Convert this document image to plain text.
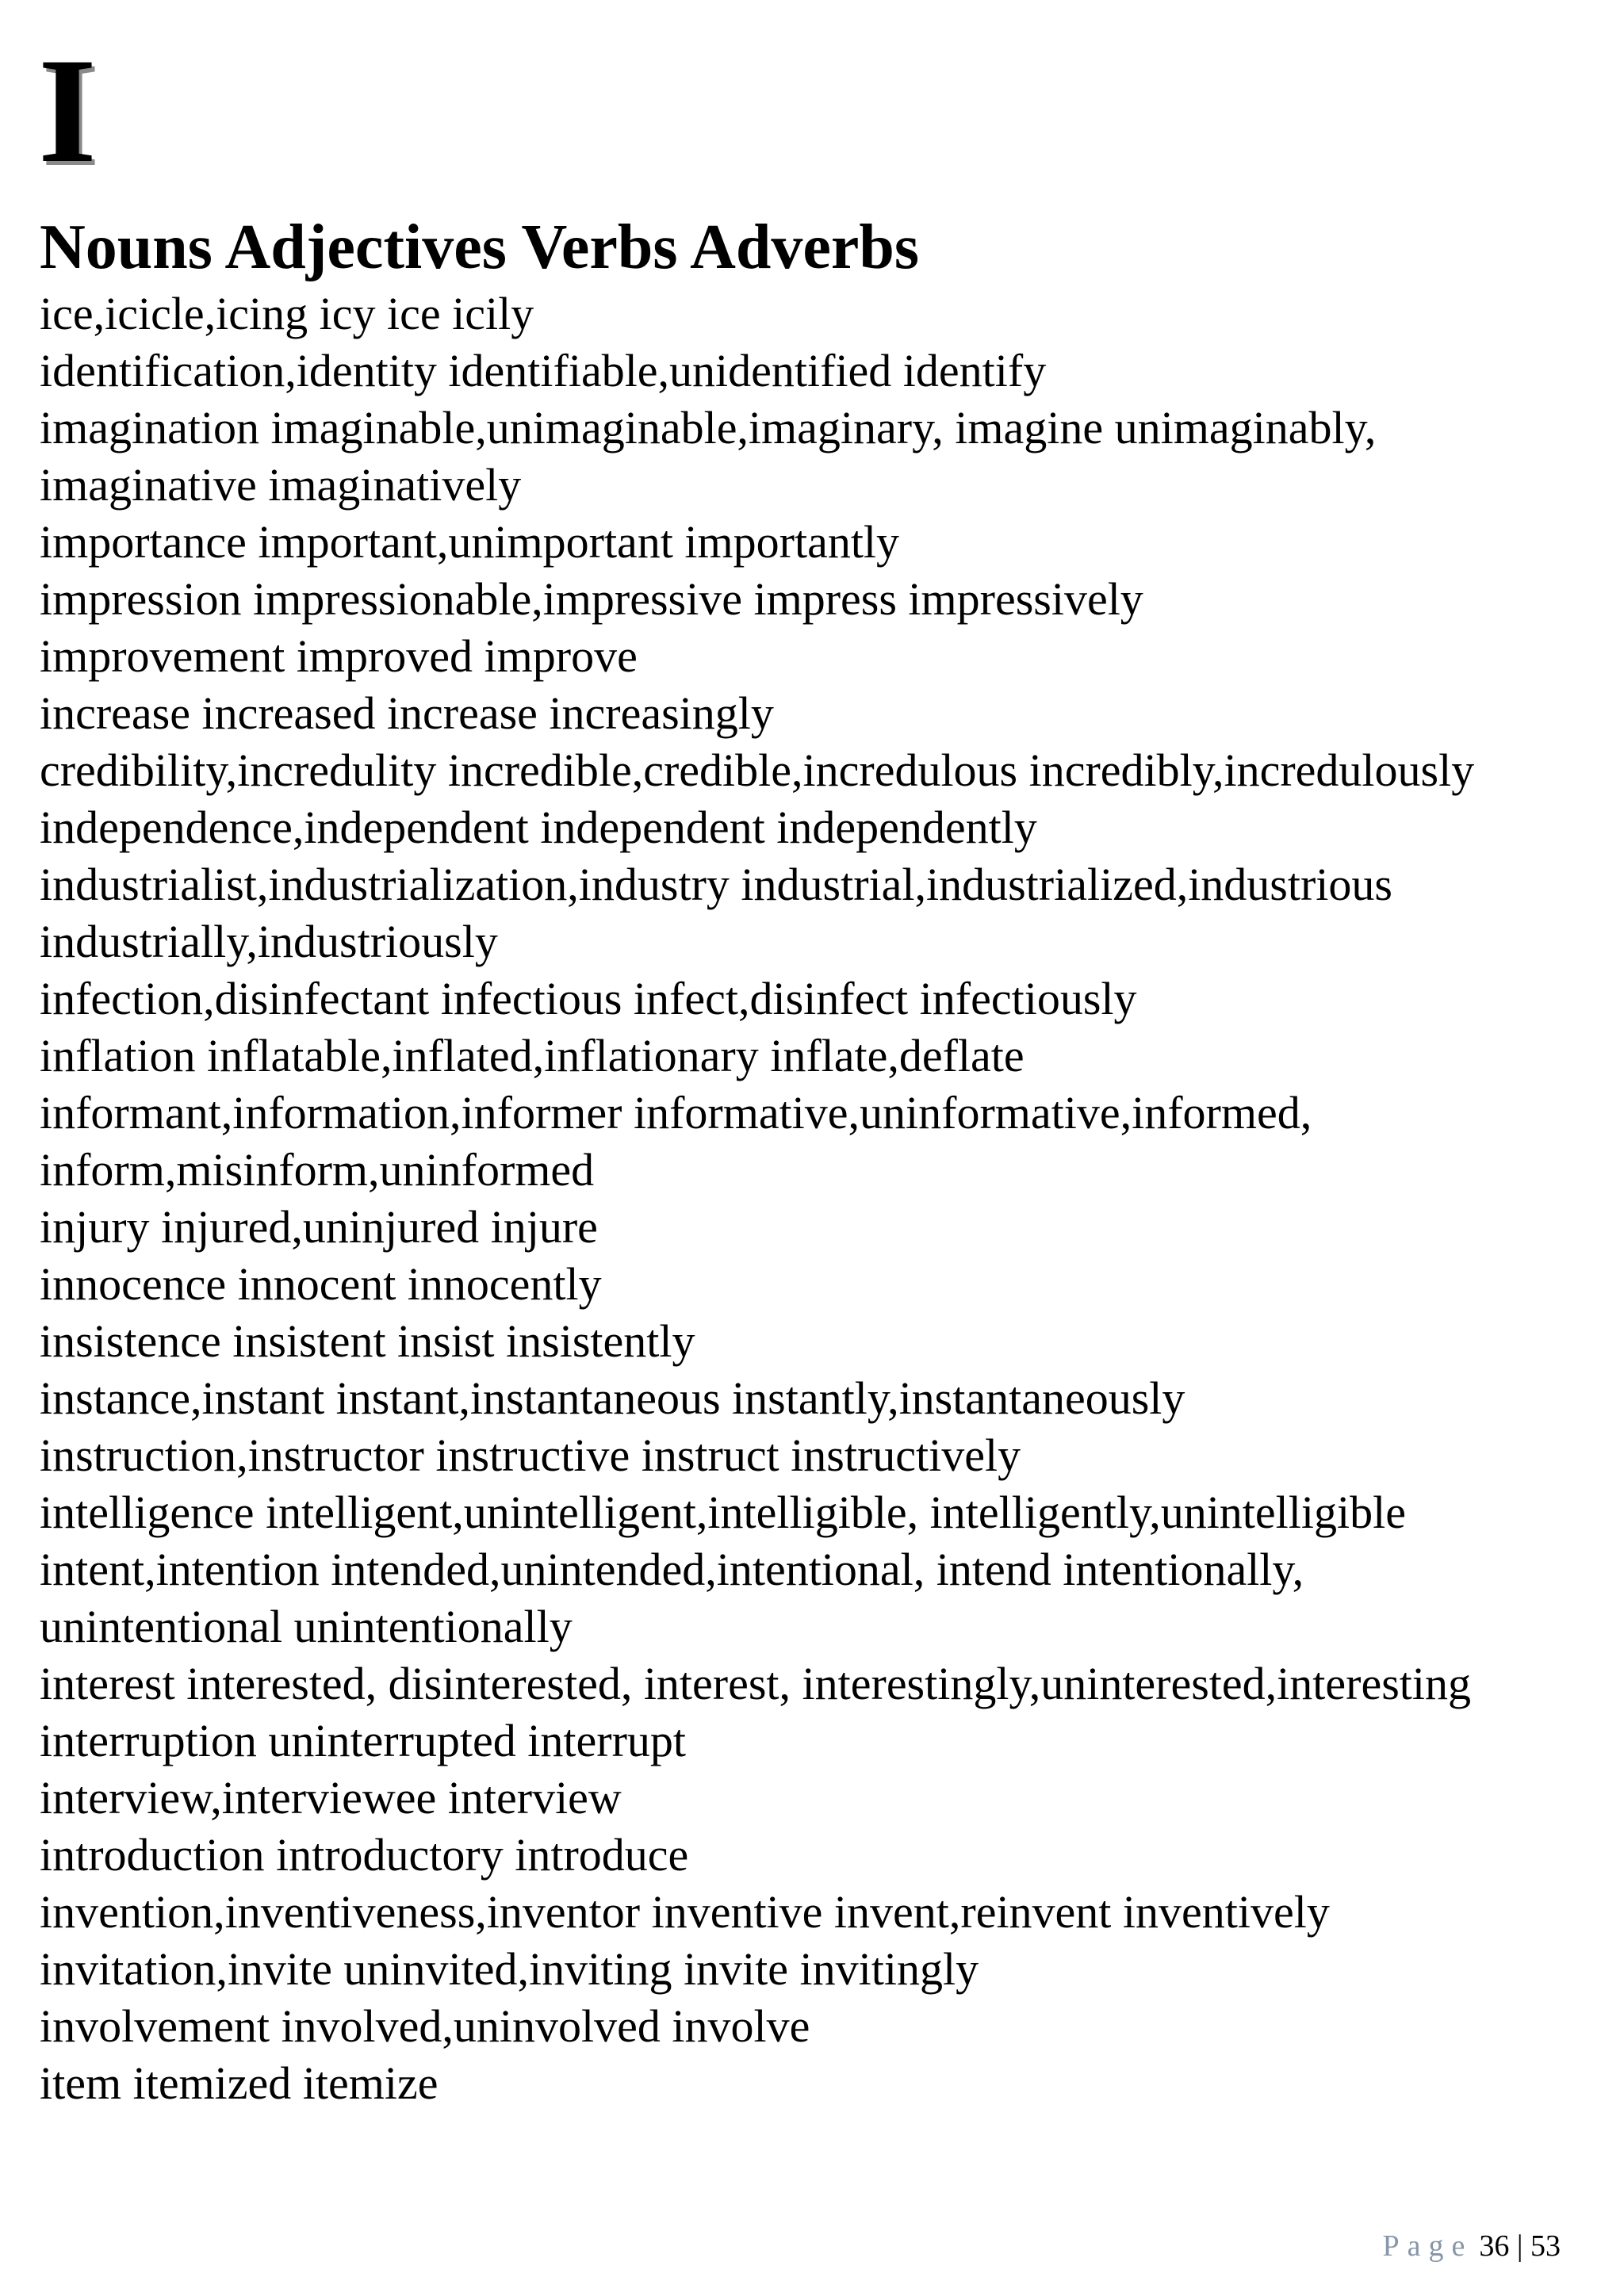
I
Nouns Adjectives Verbs Adverbs
ice,icicle,icing icy ice icily
identification,identity identifiable,unidentified identify
imagination imaginable,unimaginable,imaginary, imagine unimaginably,
imaginative imaginatively
importance important,unimportant importantly
impression impressionable,impressive impress impressively
improvement improved improve
increase increased increase increasingly
credibility,incredulity incredible,credible,incredulous incredibly,incredulously
independence,independent independent independently
industrialist,industrialization,industry industrial,industrialized,industrious
industrially,industriously
infection,disinfectant infectious infect,disinfect infectiously
inflation inflatable,inflated,inflationary inflate,deflate
informant,information,informer informative,uninformative,informed,
inform,misinform,uninformed
injury injured,uninjured injure
innocence innocent innocently
insistence insistent insist insistently
instance,instant instant,instantaneous instantly,instantaneously
instruction,instructor instructive instruct instructively
intelligence intelligent,unintelligent,intelligible, intelligently,unintelligible
intent,intention intended,unintended,intentional, intend intentionally,
unintentional unintentionally
interest interested, disinterested, interest, interestingly,uninterested,interesting
interruption uninterrupted interrupt
interview,interviewee interview
introduction introductory introduce
invention,inventiveness,inventor inventive invent,reinvent inventively
invitation,invite uninvited,inviting invite invitingly
involvement involved,uninvolved involve
item itemized itemize
Page 36 | 53
